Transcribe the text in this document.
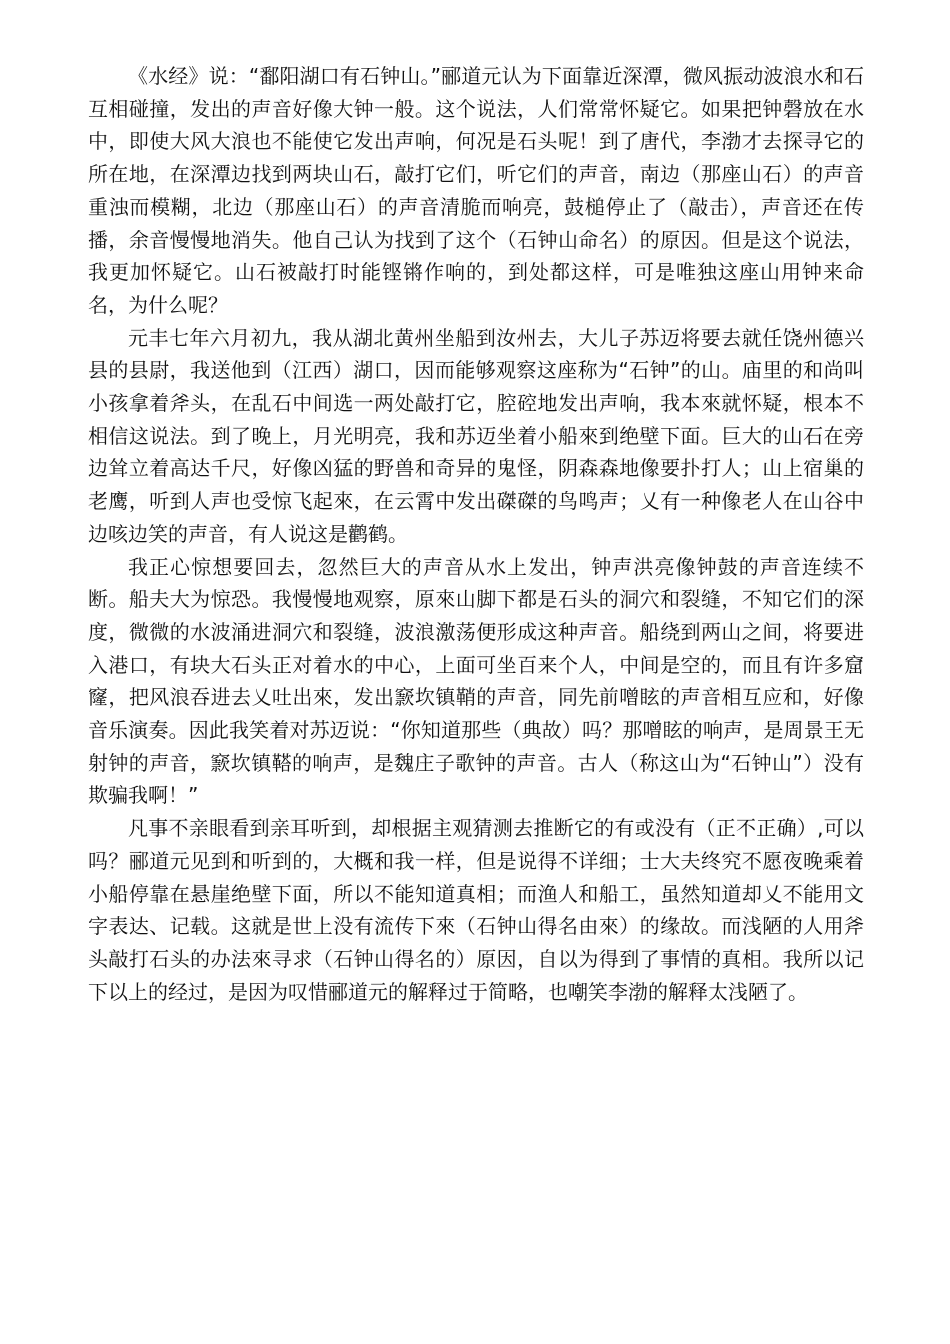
《水经》说：“鄱阳湖口有石钟山。”郦道元认为下面靠近深潭，微风振动波浪水和石互相碰撞，发出的声音好像大钟一般。这个说法，人们常常怀疑它。如果把钟磬放在水中，即使大风大浪也不能使它发出声响，何况是石头呢！到了唐代，李渤才去探寻它的所在地，在深潭边找到两块山石，敲打它们，听它们的声音，南边（那座山石）的声音重浊而模糊，北边（那座山石）的声音清脆而响亮，鼓槌停止了（敲击），声音还在传播，余音慢慢地消失。他自己认为找到了这个（石钟山命名）的原因。但是这个说法，我更加怀疑它。山石被敲打时能铿锵作响的，到处都这样，可是唯独这座山用钟来命名，为什么呢？

元丰七年六月初九，我从湖北黄州坐船到汝州去，大儿子苏迈将要去就任饶州德兴县的县尉，我送他到（江西）湖口，因而能够观察这座称为“石钟”的山。庙里的和尚叫小孩拿着斧头，在乱石中间选一两处敲打它，腔硿地发出声响，我本來就怀疑，根本不相信这说法。到了晚上，月光明亮，我和苏迈坐着小船來到绝壁下面。巨大的山石在旁边耸立着高达千尺，好像凶猛的野兽和奇异的鬼怪，阴森森地像要扑打人；山上宿巢的老鹰，听到人声也受惊飞起來，在云霄中发出磔磔的鸟鸣声；乂有一种像老人在山谷中边咳边笑的声音，有人说这是鹳鹤。

我正心惊想要回去，忽然巨大的声音从水上发出，钟声洪亮像钟鼓的声音连续不断。船夫大为惊恐。我慢慢地观察，原來山脚下都是石头的洞穴和裂缝，不知它们的深度，微微的水波涌进洞穴和裂缝，波浪激荡便形成这种声音。船绕到两山之间，将要进入港口，有块大石头正对着水的中心，上面可坐百来个人，中间是空的，而且有许多窟窿，把风浪吞进去乂吐出來，发出窾坎镇鞘的声音，同先前噌眩的声音相互应和，好像音乐演奏。因此我笑着对苏迈说：“你知道那些（典故）吗？那噌眩的响声，是周景王无射钟的声音，窾坎镇鞳的响声，是魏庄子歌钟的声音。古人（称这山为“石钟山”）没有欺骗我啊！”

凡事不亲眼看到亲耳听到，却根据主观猜测去推断它的有或没有（正不正确）,可以吗？郦道元见到和听到的，大概和我一样，但是说得不详细；士大夫终究不愿夜晚乘着小船停靠在悬崖绝壁下面，所以不能知道真相；而渔人和船工，虽然知道却乂不能用文字表达、记载。这就是世上没有流传下來（石钟山得名由來）的缘故。而浅陋的人用斧头敲打石头的办法來寻求（石钟山得名的）原因，自以为得到了事情的真相。我所以记下以上的经过，是因为叹惜郦道元的解释过于简略，也嘲笑李渤的解释太浅陋了。
